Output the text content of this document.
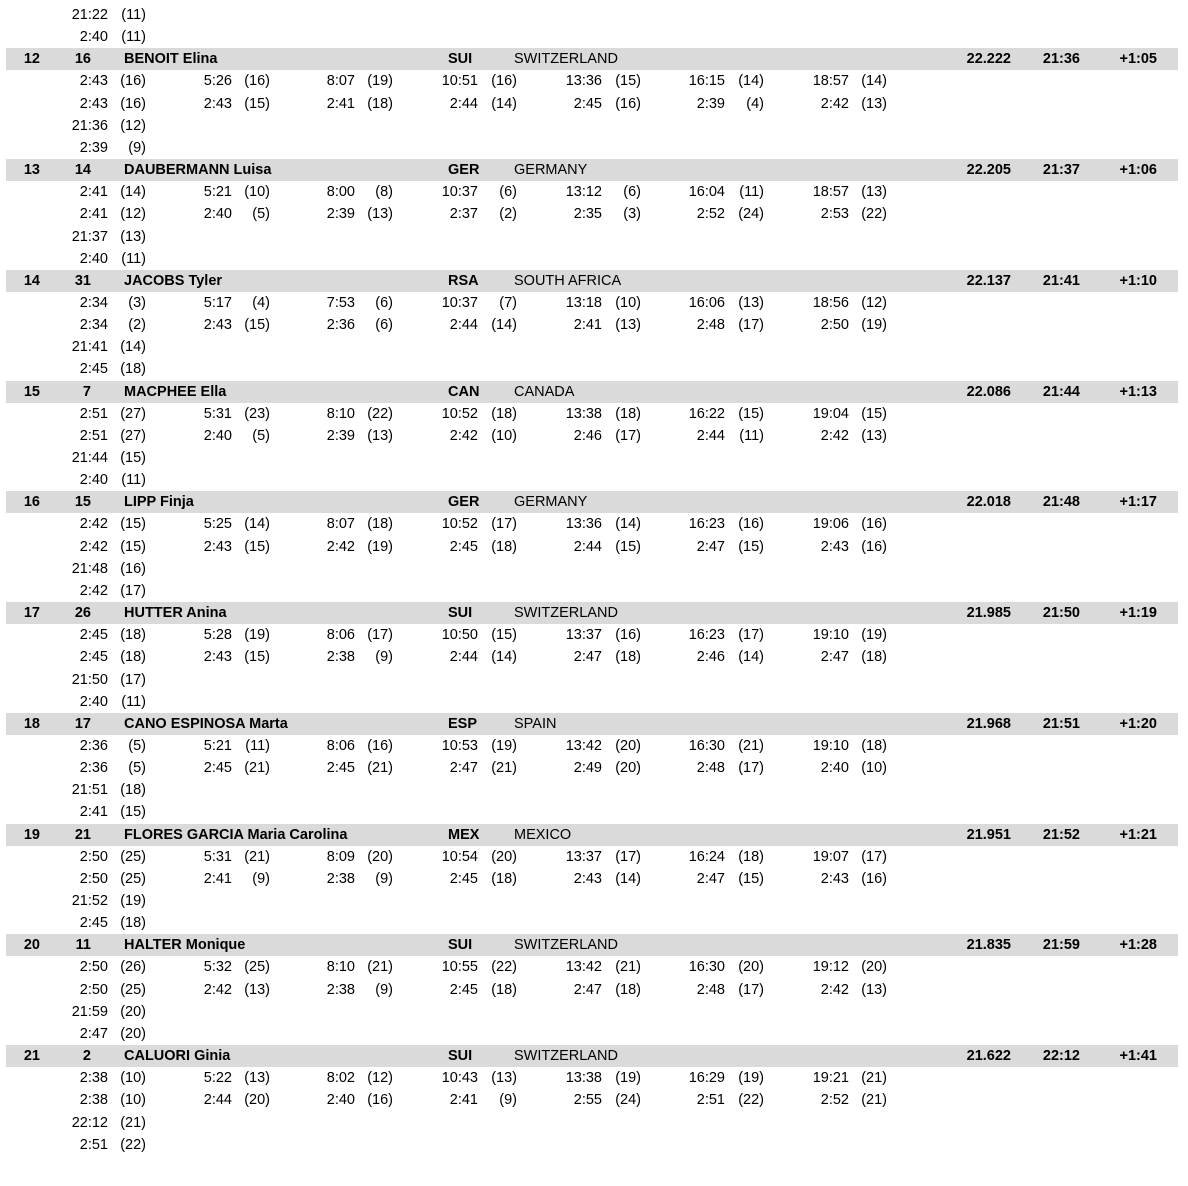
21:22 (11)
2:40 (11)
12 16 BENOIT Elina	SUI	SWITZERLAND	22.222 21:36	+1:05
2:43 (16)	5:26 (16)	8:07 (19)	10:51 (16)	13:36 (15)	16:15 (14)	18:57 (14)
2:43 (16)	2:43 (15)	2:41 (18)	2:44 (14)	2:45 (16)	2:39 (4)	2:42 (13)
21:36 (12)
2:39 (9)
13 14 DAUBERMANN Luisa	GER GERMANY	22.205 21:37	+1:06
2:41 (14)	5:21 (10)	8:00 (8)	10:37 (6)	13:12 (6)	16:04 (11)	18:57 (13)
2:41 (12)	2:40 (5)	2:39 (13)	2:37 (2)	2:35 (3)	2:52 (24)	2:53 (22)
21:37 (13)
2:40 (11)
14 31 JACOBS Tyler	RSA SOUTH AFRICA	22.137 21:41	+1:10
2:34 (3)	5:17 (4)	7:53 (6)	10:37 (7)	13:18 (10)	16:06 (13)	18:56 (12)
2:34 (2)	2:43 (15)	2:36 (6)	2:44 (14)	2:41 (13)	2:48 (17)	2:50 (19)
21:41 (14)
2:45 (18)
15	7 MACPHEE Ella	CAN CANADA	22.086 21:44	+1:13
2:51 (27)	5:31 (23)	8:10 (22)	10:52 (18)	13:38 (18)	16:22 (15)	19:04 (15)
2:51 (27)	2:40 (5)	2:39 (13)	2:42 (10)	2:46 (17)	2:44 (11)	2:42 (13)
21:44 (15)
2:40 (11)
16 15 LIPP Finja	GER GERMANY	22.018 21:48	+1:17
2:42 (15)	5:25 (14)	8:07 (18)	10:52 (17)	13:36 (14)	16:23 (16)	19:06 (16)
2:42 (15)	2:43 (15)	2:42 (19)	2:45 (18)	2:44 (15)	2:47 (15)	2:43 (16)
21:48 (16)
2:42 (17)
17 26 HUTTER Anina	SUI	SWITZERLAND	21.985 21:50	+1:19
2:45 (18)	5:28 (19)	8:06 (17)	10:50 (15)	13:37 (16)	16:23 (17)	19:10 (19)
2:45 (18)	2:43 (15)	2:38 (9)	2:44 (14)	2:47 (18)	2:46 (14)	2:47 (18)
21:50 (17)
2:40 (11)
18 17 CANO ESPINOSA Marta	ESP	SPAIN	21.968 21:51	+1:20
2:36 (5)	5:21 (11)	8:06 (16)	10:53 (19)	13:42 (20)	16:30 (21)	19:10 (18)
2:36 (5)	2:45 (21)	2:45 (21)	2:47 (21)	2:49 (20)	2:48 (17)	2:40 (10)
21:51 (18)
2:41 (15)
19 21 FLORES GARCIA Maria Carolina	MEX MEXICO	21.951 21:52	+1:21
2:50 (25)	5:31 (21)	8:09 (20)	10:54 (20)	13:37 (17)	16:24 (18)	19:07 (17)
2:50 (25)	2:41 (9)	2:38 (9)	2:45 (18)	2:43 (14)	2:47 (15)	2:43 (16)
21:52 (19)
2:45 (18)
20 11 HALTER Monique	SUI	SWITZERLAND	21.835 21:59	+1:28
2:50 (26)	5:32 (25)	8:10 (21)	10:55 (22)	13:42 (21)	16:30 (20)	19:12 (20)
2:50 (25)	2:42 (13)	2:38 (9)	2:45 (18)	2:47 (18)	2:48 (17)	2:42 (13)
21:59 (20)
2:47 (20)
21	2 CALUORI Ginia	SUI	SWITZERLAND	21.622 22:12	+1:41
2:38 (10)	5:22 (13)	8:02 (12)	10:43 (13)	13:38 (19)	16:29 (19)	19:21 (21)
2:38 (10)	2:44 (20)	2:40 (16)	2:41 (9)	2:55 (24)	2:51 (22)	2:52 (21)
22:12 (21)
2:51 (22)
